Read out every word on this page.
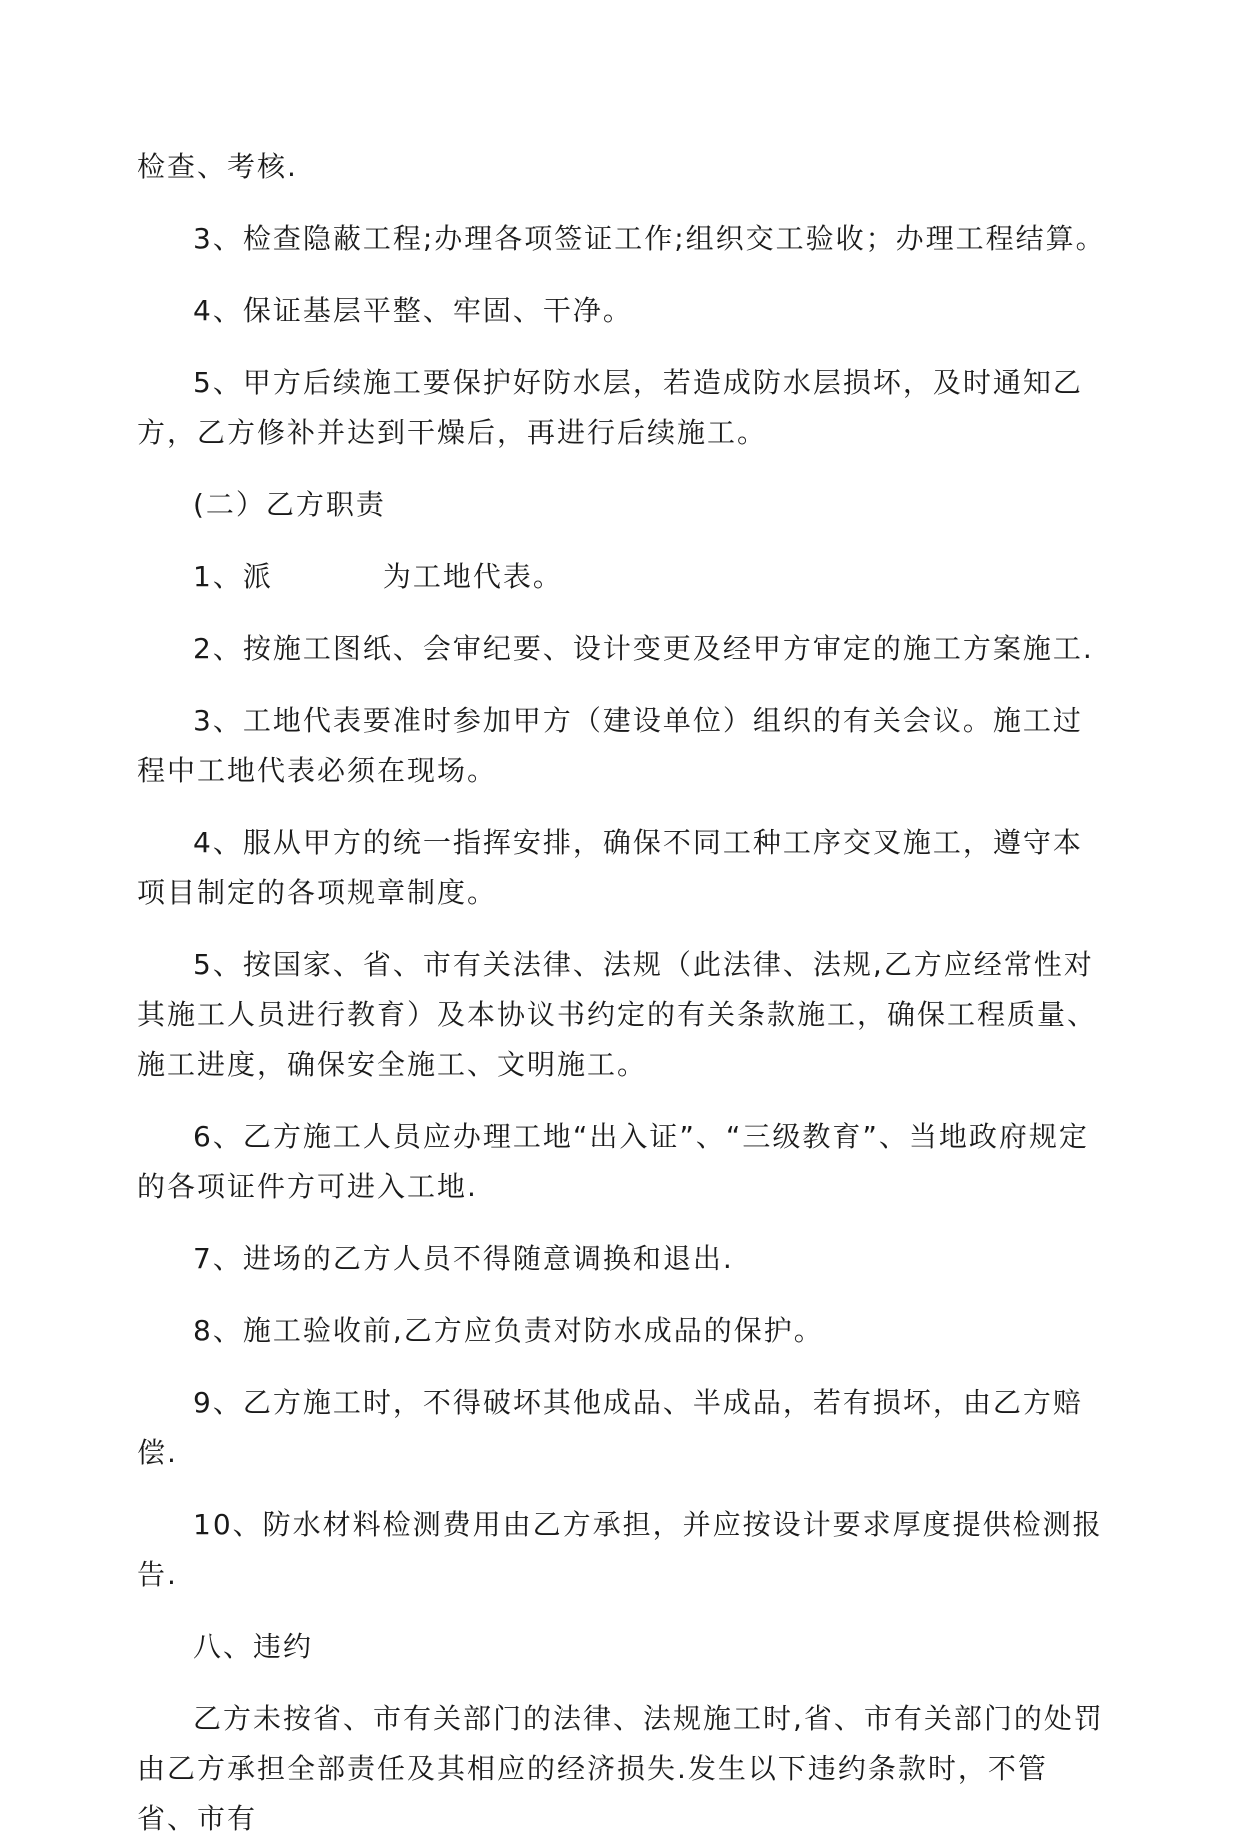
检查、考核.

3、检查隐蔽工程;办理各项签证工作;组织交工验收；办理工程结算。

4、保证基层平整、牢固、干净。

5、甲方后续施工要保护好防水层，若造成防水层损坏，及时通知乙方，乙方修补并达到干燥后，再进行后续施工。

(二）乙方职责

1、派	为工地代表。

2、按施工图纸、会审纪要、设计变更及经甲方审定的施工方案施工.

3、工地代表要准时参加甲方（建设单位）组织的有关会议。施工过程中工地代表必须在现场。

4、服从甲方的统一指挥安排，确保不同工种工序交叉施工，遵守本项目制定的各项规章制度。

5、按国家、省、市有关法律、法规（此法律、法规,乙方应经常性对其施工人员进行教育）及本协议书约定的有关条款施工，确保工程质量、施工进度，确保安全施工、文明施工。

6、乙方施工人员应办理工地“出入证”、“三级教育”、当地政府规定的各项证件方可进入工地.

7、进场的乙方人员不得随意调换和退出.

8、施工验收前,乙方应负责对防水成品的保护。

9、乙方施工时，不得破坏其他成品、半成品，若有损坏，由乙方赔偿.

10、防水材料检测费用由乙方承担，并应按设计要求厚度提供检测报告.

八、违约

乙方未按省、市有关部门的法律、法规施工时,省、市有关部门的处罚由乙方承担全部责任及其相应的经济损失.发生以下违约条款时，不管省、市有
